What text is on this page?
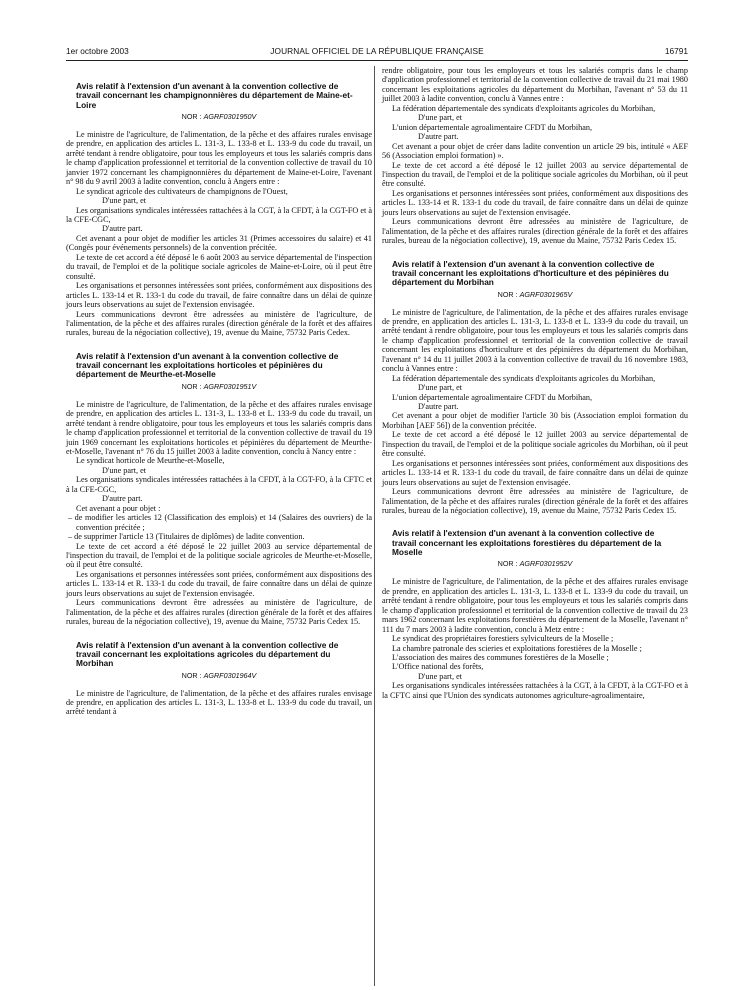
1er octobre 2003	JOURNAL OFFICIEL DE LA RÉPUBLIQUE FRANÇAISE	16791

Avis relatif à l'extension d'un avenant à la convention collective de travail concernant les champignonnières du département de Maine-et-Loire

NOR : AGRF0301950V

Le ministre de l'agriculture, de l'alimentation, de la pêche et des affaires rurales envisage de prendre, en application des articles L. 131-3, L. 133-8 et L. 133-9 du code du travail, un arrêté tendant à rendre obligatoire, pour tous les employeurs et tous les salariés compris dans le champ d'application professionnel et territorial de la convention collective de travail du 10 janvier 1972 concernant les champignonnières du département de Maine-et-Loire, l'avenant n° 98 du 9 avril 2003 à ladite convention, conclu à Angers entre :

Le syndicat agricole des cultivateurs de champignons de l'Ouest,

D'une part, et

Les organisations syndicales intéressées rattachées à la CGT, à la CFDT, à la CGT-FO et à la CFE-CGC,

D'autre part.

Cet avenant a pour objet de modifier les articles 31 (Primes accessoires du salaire) et 41 (Congés pour événements personnels) de la convention précitée.

Le texte de cet accord a été déposé le 6 août 2003 au service départemental de l'inspection du travail, de l'emploi et de la politique sociale agricoles de Maine-et-Loire, où il peut être consulté.

Les organisations et personnes intéressées sont priées, conformément aux dispositions des articles L. 133-14 et R. 133-1 du code du travail, de faire connaître dans un délai de quinze jours leurs observations au sujet de l'extension envisagée.

Leurs communications devront être adressées au ministère de l'agriculture, de l'alimentation, de la pêche et des affaires rurales (direction générale de la forêt et des affaires rurales, bureau de la négociation collective), 19, avenue du Maine, 75732 Paris Cedex.

Avis relatif à l'extension d'un avenant à la convention collective de travail concernant les exploitations horticoles et pépinières du département de Meurthe-et-Moselle

NOR : AGRF0301951V

Le ministre de l'agriculture, de l'alimentation, de la pêche et des affaires rurales envisage de prendre, en application des articles L. 131-3, L. 133-8 et L. 133-9 du code du travail, un arrêté tendant à rendre obligatoire, pour tous les employeurs et tous les salariés compris dans le champ d'application professionnel et territorial de la convention collective de travail du 19 juin 1969 concernant les exploitations horticoles et pépinières du département de Meurthe-et-Moselle, l'avenant n° 76 du 15 juillet 2003 à ladite convention, conclu à Nancy entre :

Le syndicat horticole de Meurthe-et-Moselle,

D'une part, et

Les organisations syndicales intéressées rattachées à la CFDT, à la CGT-FO, à la CFTC et à la CFE-CGC,

D'autre part.

Cet avenant a pour objet :

– de modifier les articles 12 (Classification des emplois) et 14 (Salaires des ouvriers) de la convention précitée ;

– de supprimer l'article 13 (Titulaires de diplômes) de ladite convention.

Le texte de cet accord a été déposé le 22 juillet 2003 au service départemental de l'inspection du travail, de l'emploi et de la politique sociale agricoles de Meurthe-et-Moselle, où il peut être consulté.

Les organisations et personnes intéressées sont priées, conformément aux dispositions des articles L. 133-14 et R. 133-1 du code du travail, de faire connaître dans un délai de quinze jours leurs observations au sujet de l'extension envisagée.

Leurs communications devront être adressées au ministère de l'agriculture, de l'alimentation, de la pêche et des affaires rurales (direction générale de la forêt et des affaires rurales, bureau de la négociation collective), 19, avenue du Maine, 75732 Paris Cedex 15.

Avis relatif à l'extension d'un avenant à la convention collective de travail concernant les exploitations agricoles du département du Morbihan

NOR : AGRF0301964V

Le ministre de l'agriculture, de l'alimentation, de la pêche et des affaires rurales envisage de prendre, en application des articles L. 131-3, L. 133-8 et L. 133-9 du code du travail, un arrêté tendant à

rendre obligatoire, pour tous les employeurs et tous les salariés compris dans le champ d'application professionnel et territorial de la convention collective de travail du 21 mai 1980 concernant les exploitations agricoles du département du Morbihan, l'avenant n° 53 du 11 juillet 2003 à ladite convention, conclu à Vannes entre :

La fédération départementale des syndicats d'exploitants agricoles du Morbihan,

D'une part, et

L'union départementale agroalimentaire CFDT du Morbihan,

D'autre part.

Cet avenant a pour objet de créer dans ladite convention un article 29 bis, intitulé « AEF 56 (Association emploi formation) ».

Le texte de cet accord a été déposé le 12 juillet 2003 au service départemental de l'inspection du travail, de l'emploi et de la politique sociale agricoles du Morbihan, où il peut être consulté.

Les organisations et personnes intéressées sont priées, conformément aux dispositions des articles L. 133-14 et R. 133-1 du code du travail, de faire connaître dans un délai de quinze jours leurs observations au sujet de l'extension envisagée.

Leurs communications devront être adressées au ministère de l'agriculture, de l'alimentation, de la pêche et des affaires rurales (direction générale de la forêt et des affaires rurales, bureau de la négociation collective), 19, avenue du Maine, 75732 Paris Cedex 15.

Avis relatif à l'extension d'un avenant à la convention collective de travail concernant les exploitations d'horticulture et des pépinières du département du Morbihan

NOR : AGRF0301965V

Le ministre de l'agriculture, de l'alimentation, de la pêche et des affaires rurales envisage de prendre, en application des articles L. 131-3, L. 133-8 et L. 133-9 du code du travail, un arrêté tendant à rendre obligatoire, pour tous les employeurs et tous les salariés compris dans le champ d'application professionnel et territorial de la convention collective de travail concernant les exploitations d'horticulture et des pépinières du département du Morbihan, l'avenant n° 14 du 11 juillet 2003 à la convention collective de travail du 16 novembre 1983, conclu à Vannes entre :

La fédération départementale des syndicats d'exploitants agricoles du Morbihan,

D'une part, et

L'union départementale agroalimentaire CFDT du Morbihan,

D'autre part.

Cet avenant a pour objet de modifier l'article 30 bis (Association emploi formation du Morbihan [AEF 56]) de la convention précitée.

Le texte de cet accord a été déposé le 12 juillet 2003 au service départemental de l'inspection du travail, de l'emploi et de la politique sociale agricoles du Morbihan, où il peut être consulté.

Les organisations et personnes intéressées sont priées, conformément aux dispositions des articles L. 133-14 et R. 133-1 du code du travail, de faire connaître dans un délai de quinze jours leurs observations au sujet de l'extension envisagée.

Leurs communications devront être adressées au ministère de l'agriculture, de l'alimentation, de la pêche et des affaires rurales (direction générale de la forêt et des affaires rurales, bureau de la négociation collective), 19, avenue du Maine, 75732 Paris Cedex 15.

Avis relatif à l'extension d'un avenant à la convention collective de travail concernant les exploitations forestières du département de la Moselle

NOR : AGRF0301952V

Le ministre de l'agriculture, de l'alimentation, de la pêche et des affaires rurales envisage de prendre, en application des articles L. 131-3, L. 133-8 et L. 133-9 du code du travail, un arrêté tendant à rendre obligatoire, pour tous les employeurs et tous les salariés compris dans le champ d'application professionnel et territorial de la convention collective de travail du 23 mars 1962 concernant les exploitations forestières du département de la Moselle, l'avenant n° 111 du 7 mars 2003 à ladite convention, conclu à Metz entre :

Le syndicat des propriétaires forestiers sylviculteurs de la Moselle ;

La chambre patronale des scieries et exploitations forestières de la Moselle ;

L'association des maires des communes forestières de la Moselle ;

L'Office national des forêts,

D'une part, et

Les organisations syndicales intéressées rattachées à la CGT, à la CFDT, à la CGT-FO et à la CFTC ainsi que l'Union des syndicats autonomes agriculture-agroalimentaire,
